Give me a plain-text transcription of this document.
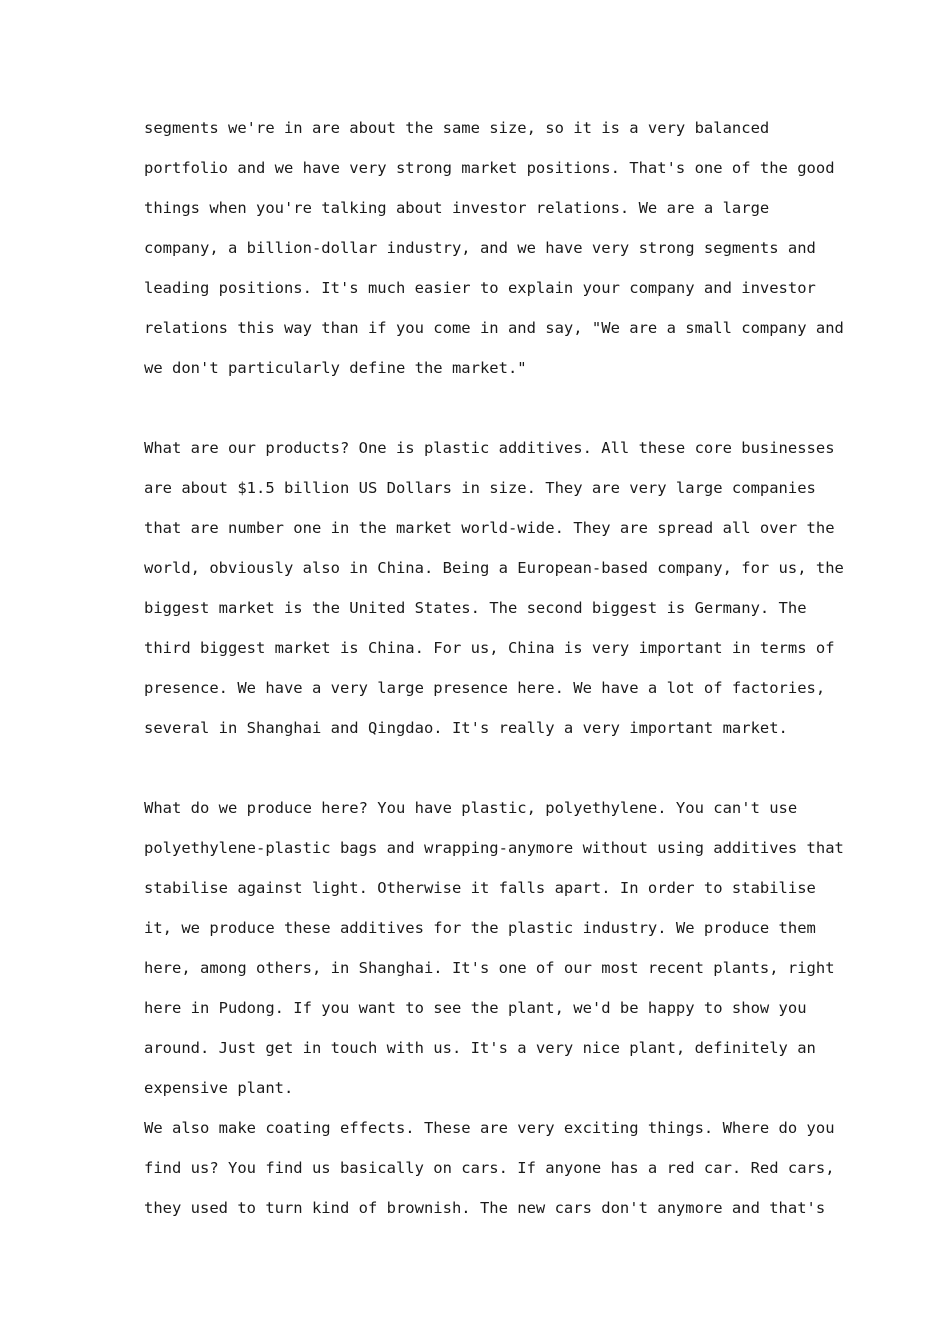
segments we're in are about the same size, so it is a very balanced
portfolio and we have very strong market positions. That's one of the good
things when you're talking about investor relations. We are a large
company, a billion-dollar industry, and we have very strong segments and
leading positions. It's much easier to explain your company and investor
relations this way than if you come in and say, "We are a small company and
we don't particularly define the market."
What are our products? One is plastic additives. All these core businesses
are about $1.5 billion US Dollars in size. They are very large companies
that are number one in the market world-wide. They are spread all over the
world, obviously also in China. Being a European-based company, for us, the
biggest market is the United States. The second biggest is Germany. The
third biggest market is China. For us, China is very important in terms of
presence. We have a very large presence here. We have a lot of factories,
several in Shanghai and Qingdao. It's really a very important market.
What do we produce here? You have plastic, polyethylene. You can't use
polyethylene-plastic bags and wrapping-anymore without using additives that
stabilise against light. Otherwise it falls apart. In order to stabilise
it, we produce these additives for the plastic industry. We produce them
here, among others, in Shanghai. It's one of our most recent plants, right
here in Pudong. If you want to see the plant, we'd be happy to show you
around. Just get in touch with us. It's a very nice plant, definitely an
expensive plant.
We also make coating effects. These are very exciting things. Where do you
find us? You find us basically on cars. If anyone has a red car. Red cars,
they used to turn kind of brownish. The new cars don't anymore and that's
